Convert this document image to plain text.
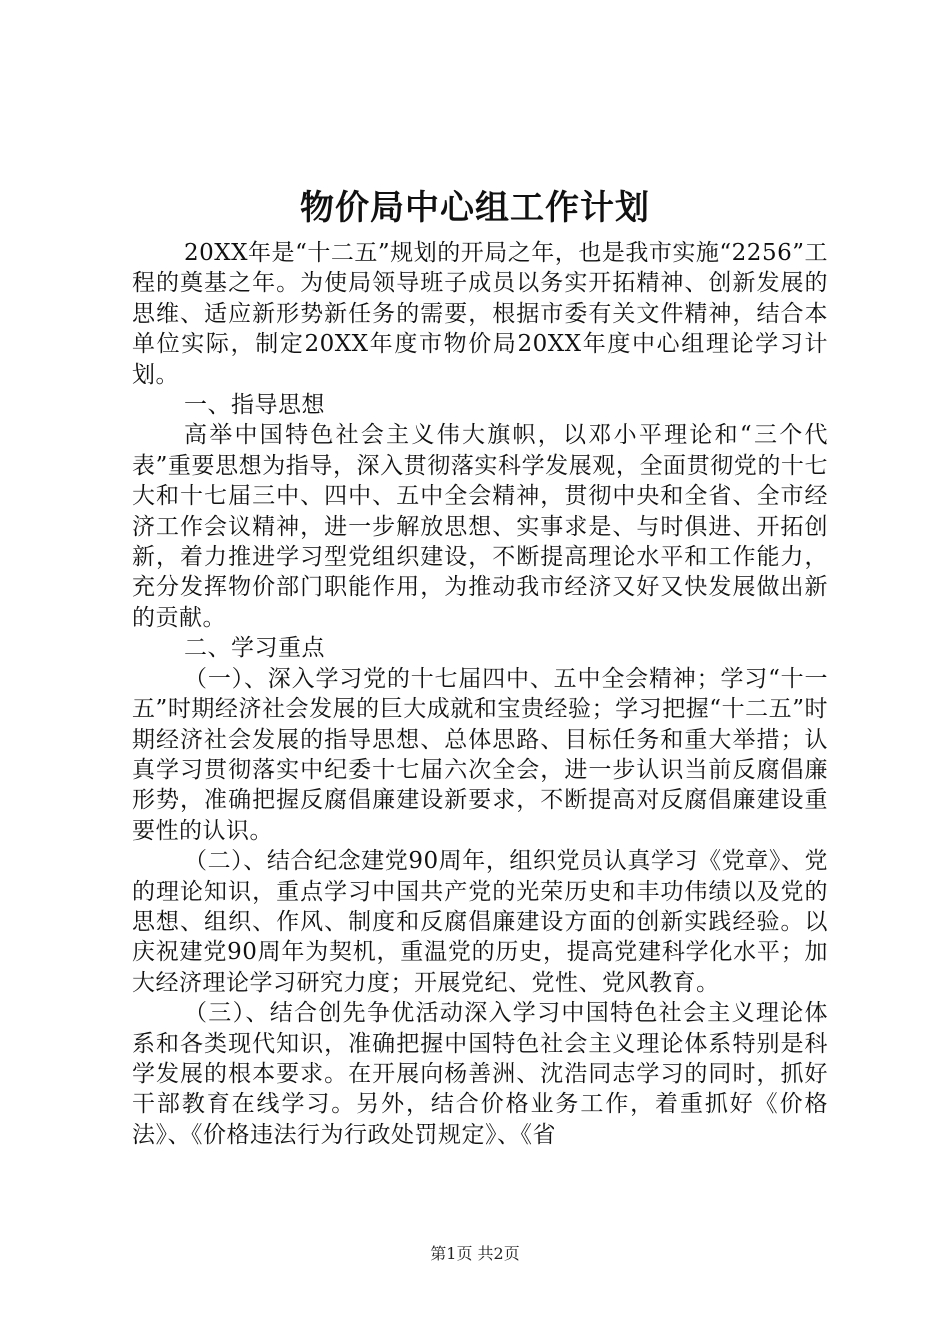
物价局中心组工作计划

20XX年是“十二五”规划的开局之年，也是我市实施“2256”工程的奠基之年。为使局领导班子成员以务实开拓精神、创新发展的思维、适应新形势新任务的需要，根据市委有关文件精神，结合本单位实际，制定20XX年度市物价局20XX年度中心组理论学习计划。

一、指导思想

高举中国特色社会主义伟大旗帜，以邓小平理论和“三个代表”重要思想为指导，深入贯彻落实科学发展观，全面贯彻党的十七大和十七届三中、四中、五中全会精神，贯彻中央和全省、全市经济工作会议精神，进一步解放思想、实事求是、与时俱进、开拓创新，着力推进学习型党组织建设，不断提高理论水平和工作能力，充分发挥物价部门职能作用，为推动我市经济又好又快发展做出新的贡献。

二、学习重点

（一）、深入学习党的十七届四中、五中全会精神；学习“十一五”时期经济社会发展的巨大成就和宝贵经验；学习把握“十二五”时期经济社会发展的指导思想、总体思路、目标任务和重大举措；认真学习贯彻落实中纪委十七届六次全会，进一步认识当前反腐倡廉形势，准确把握反腐倡廉建设新要求，不断提高对反腐倡廉建设重要性的认识。

（二）、结合纪念建党90周年，组织党员认真学习《党章》、党的理论知识，重点学习中国共产党的光荣历史和丰功伟绩以及党的思想、组织、作风、制度和反腐倡廉建设方面的创新实践经验。以庆祝建党90周年为契机，重温党的历史，提高党建科学化水平；加大经济理论学习研究力度；开展党纪、党性、党风教育。

（三）、结合创先争优活动深入学习中国特色社会主义理论体系和各类现代知识，准确把握中国特色社会主义理论体系特别是科学发展的根本要求。在开展向杨善洲、沈浩同志学习的同时，抓好干部教育在线学习。另外，结合价格业务工作，着重抓好《价格法》、《价格违法行为行政处罚规定》、《省

第1页 共2页
